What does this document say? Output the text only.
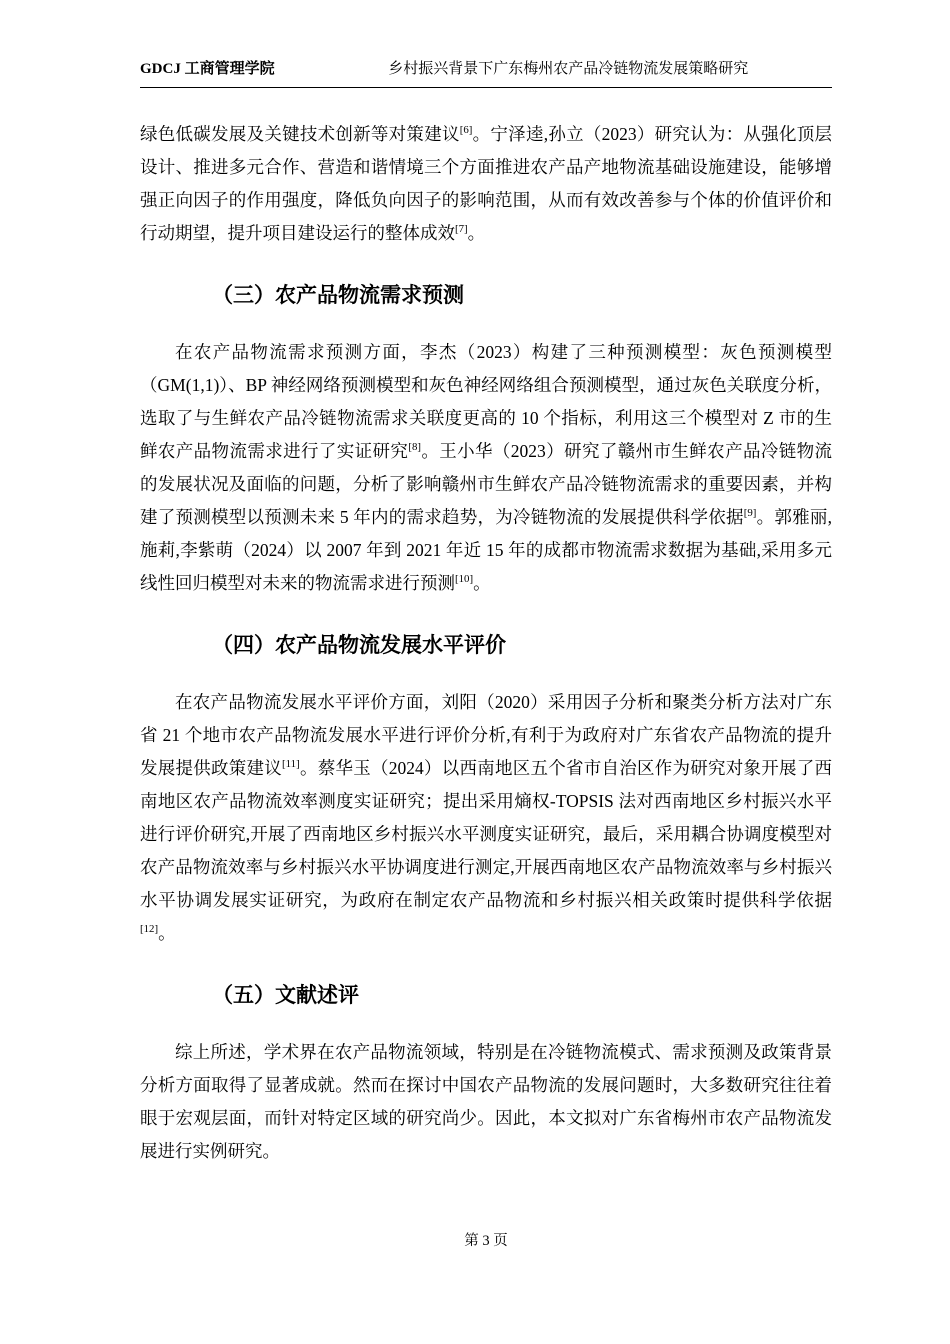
GDCJ 工商管理学院	乡村振兴背景下广东梅州农产品冷链物流发展策略研究

绿色低碳发展及关键技术创新等对策建议[6]。宁泽逵,孙立（2023）研究认为：从强化顶层设计、推进多元合作、营造和谐情境三个方面推进农产品产地物流基础设施建设，能够增强正向因子的作用强度，降低负向因子的影响范围，从而有效改善参与个体的价值评价和行动期望，提升项目建设运行的整体成效[7]。

（三）农产品物流需求预测

在农产品物流需求预测方面，李杰（2023）构建了三种预测模型：灰色预测模型（GM(1,1)）、BP 神经网络预测模型和灰色神经网络组合预测模型，通过灰色关联度分析，选取了与生鲜农产品冷链物流需求关联度更高的 10 个指标，利用这三个模型对 Z 市的生鲜农产品物流需求进行了实证研究[8]。王小华（2023）研究了赣州市生鲜农产品冷链物流的发展状况及面临的问题，分析了影响赣州市生鲜农产品冷链物流需求的重要因素，并构建了预测模型以预测未来 5 年内的需求趋势，为冷链物流的发展提供科学依据[9]。郭雅丽,施莉,李紫萌（2024）以 2007 年到 2021 年近 15 年的成都市物流需求数据为基础,采用多元线性回归模型对未来的物流需求进行预测[10]。

（四）农产品物流发展水平评价

在农产品物流发展水平评价方面，刘阳（2020）采用因子分析和聚类分析方法对广东省 21 个地市农产品物流发展水平进行评价分析,有利于为政府对广东省农产品物流的提升发展提供政策建议[11]。蔡华玉（2024）以西南地区五个省市自治区作为研究对象开展了西南地区农产品物流效率测度实证研究；提出采用熵权-TOPSIS 法对西南地区乡村振兴水平进行评价研究,开展了西南地区乡村振兴水平测度实证研究，最后，采用耦合协调度模型对农产品物流效率与乡村振兴水平协调度进行测定,开展西南地区农产品物流效率与乡村振兴水平协调发展实证研究，为政府在制定农产品物流和乡村振兴相关政策时提供科学依据[12]。

（五）文献述评

综上所述，学术界在农产品物流领域，特别是在冷链物流模式、需求预测及政策背景分析方面取得了显著成就。然而在探讨中国农产品物流的发展问题时，大多数研究往往着眼于宏观层面，而针对特定区域的研究尚少。因此，本文拟对广东省梅州市农产品物流发展进行实例研究。

第 3 页
